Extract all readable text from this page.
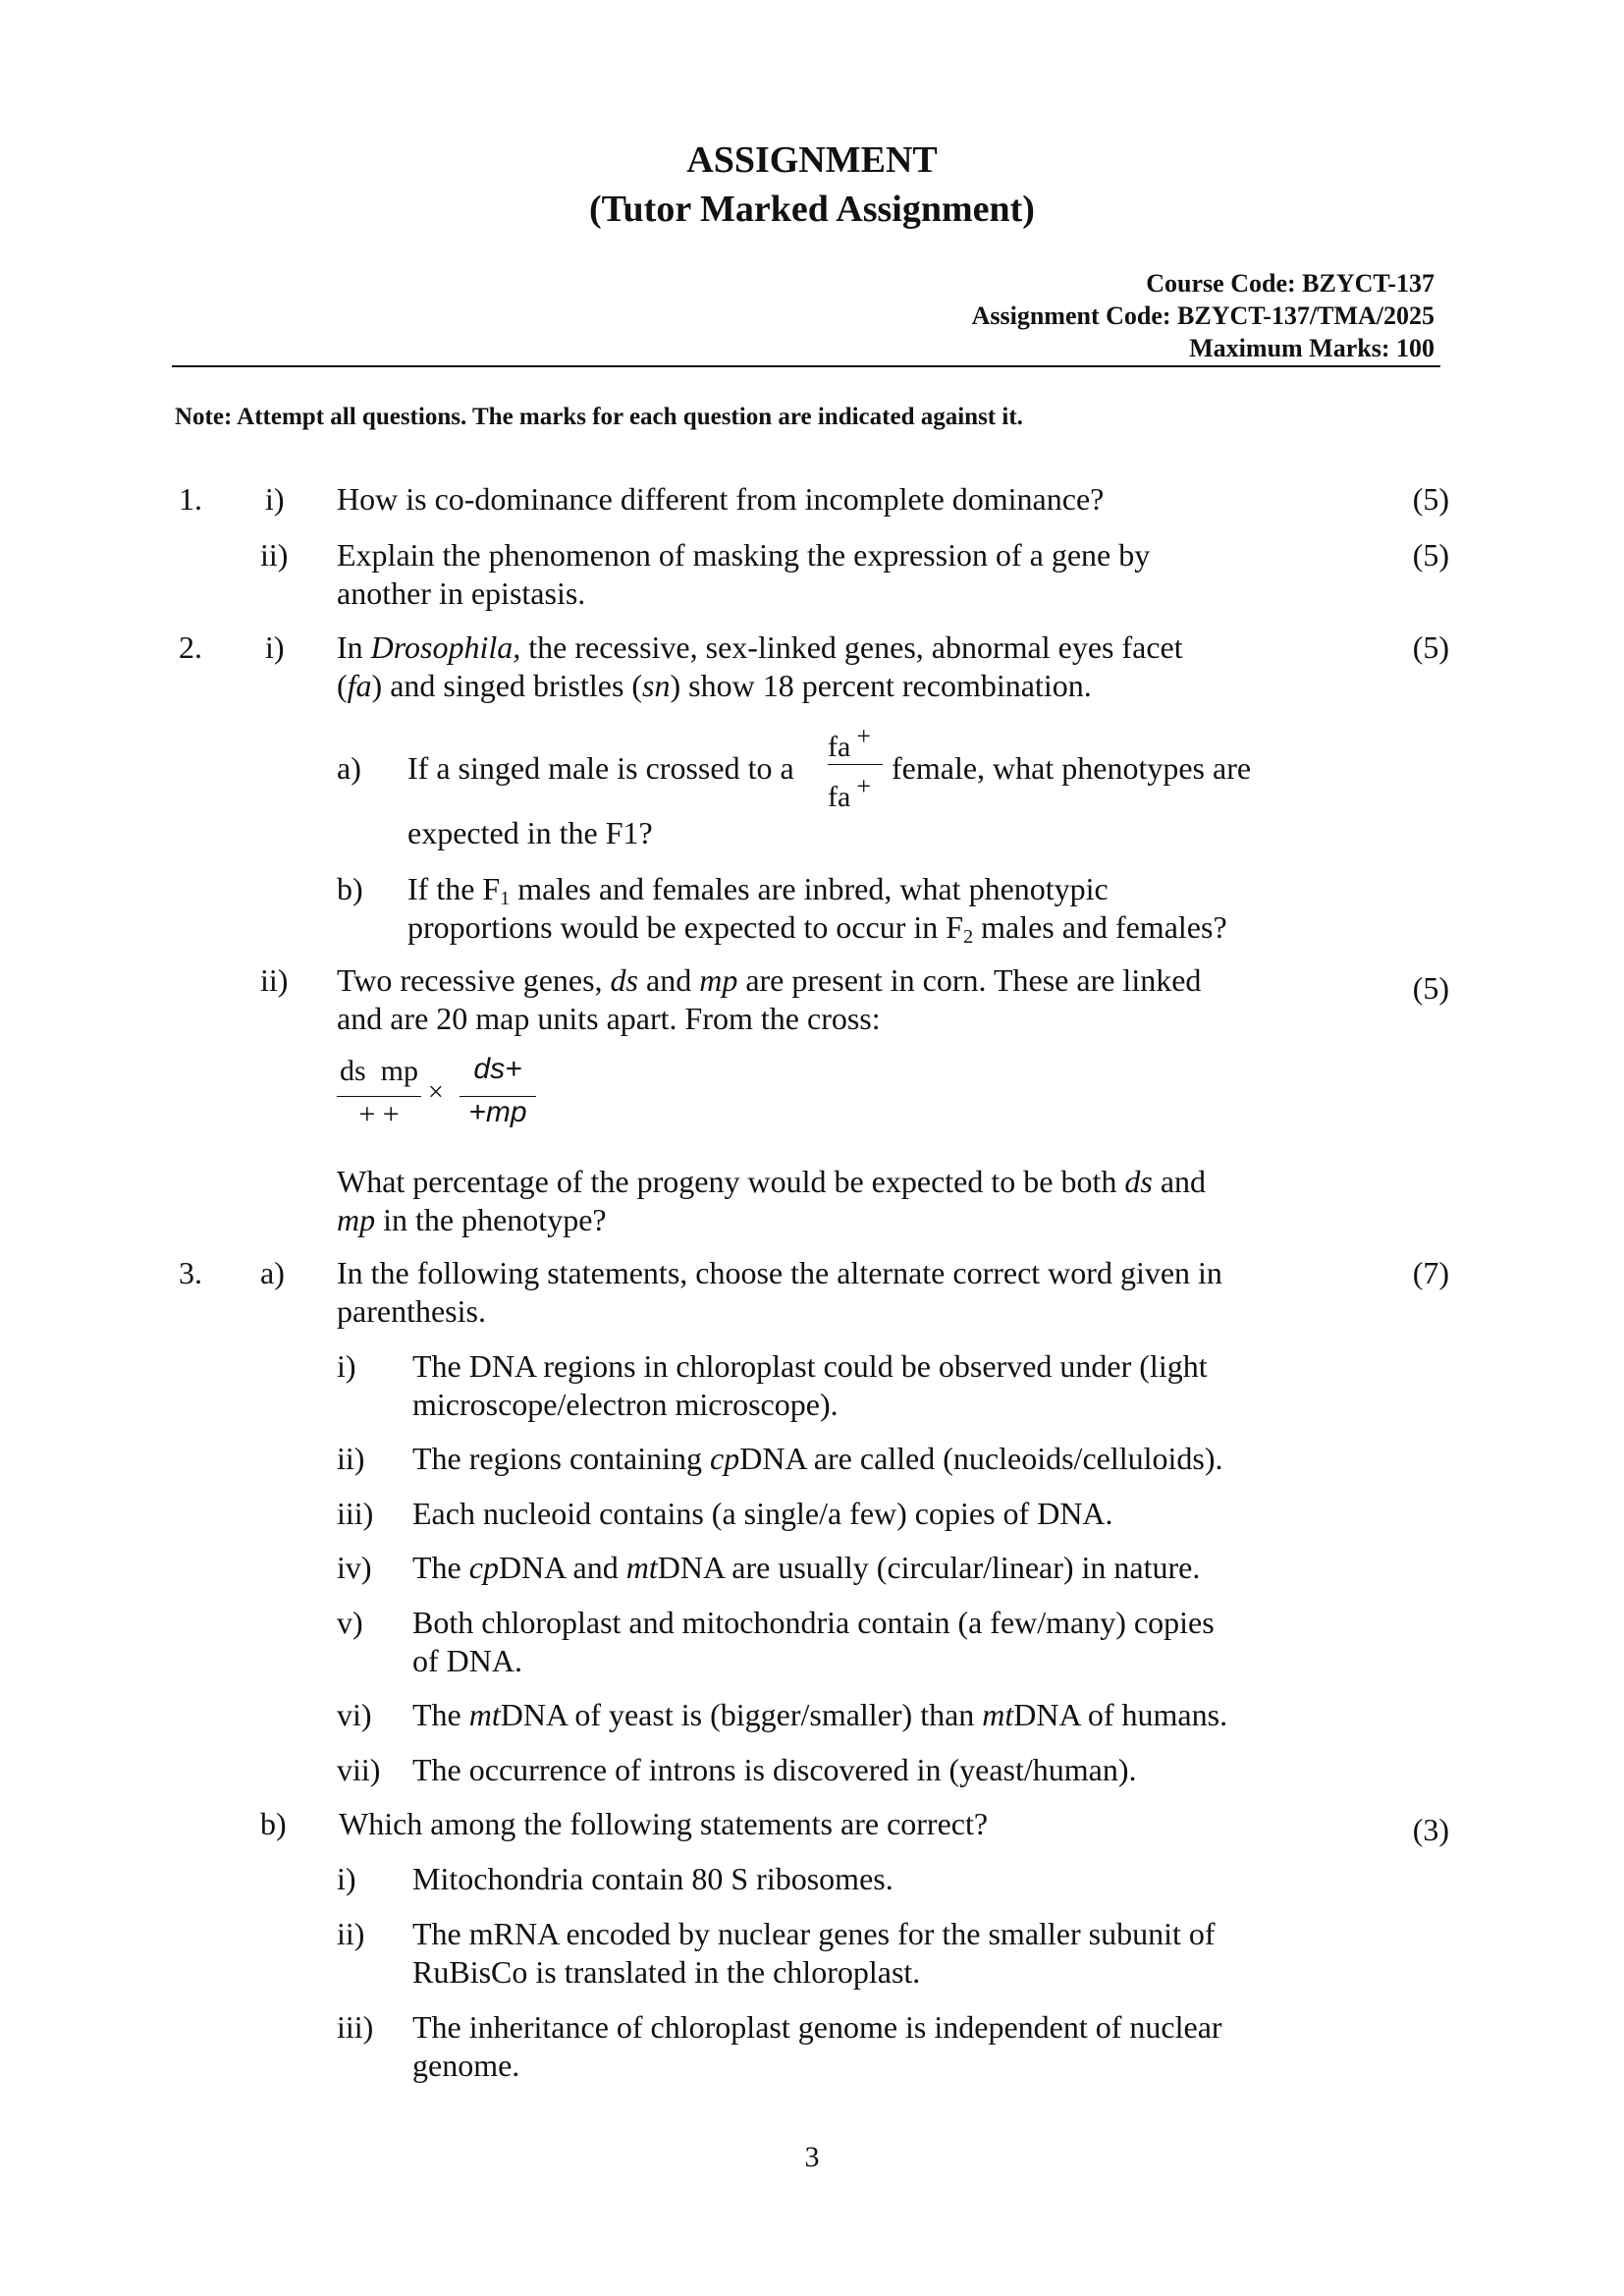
ASSIGNMENT
(Tutor Marked Assignment)
Course Code: BZYCT-137
Assignment Code: BZYCT-137/TMA/2025
Maximum Marks: 100
Note: Attempt all questions. The marks for each question are indicated against it.
1. i) How is co-dominance different from incomplete dominance?	(5)
ii) Explain the phenomenon of masking the expression of a gene by
another in epistasis.
(5)
2. i) In Drosophila, the recessive, sex-linked genes, abnormal eyes facet
(fa) and singed bristles (sn) show 18 percent recombination.
(5)
a) If a singed male is crossed to a
fa +
fa +
female, what phenotypes are
expected in the F1?
b) If the $F_1$ males and females are inbred, what phenotypic
proportions would be expected to occur in $F_2$ males and females?
ii) Two recessive genes, ds and mp are present in corn. These are linked
and are 20 map units apart. From the cross:
(5)
ds  mp
+ +
×
ds+
+mp
What percentage of the progeny would be expected to be both ds and
mp in the phenotype?
3. a) In the following statements, choose the alternate correct word given in
parenthesis.
(7)
i) The DNA regions in chloroplast could be observed under (light
microscope/electron microscope).
ii) The regions containing cpDNA are called (nucleoids/celluloids).
iii) Each nucleoid contains (a single/a few) copies of DNA.
iv) The cpDNA and mtDNA are usually (circular/linear) in nature.
v) Both chloroplast and mitochondria contain (a few/many) copies
of DNA.
vi) The mtDNA of yeast is (bigger/smaller) than mtDNA of humans.
vii) The occurrence of introns is discovered in (yeast/human).
b) Which among the following statements are correct?	(3)
i) Mitochondria contain 80 S ribosomes.
ii) The mRNA encoded by nuclear genes for the smaller subunit of
RuBisCo is translated in the chloroplast.
iii) The inheritance of chloroplast genome is independent of nuclear
genome.
3
